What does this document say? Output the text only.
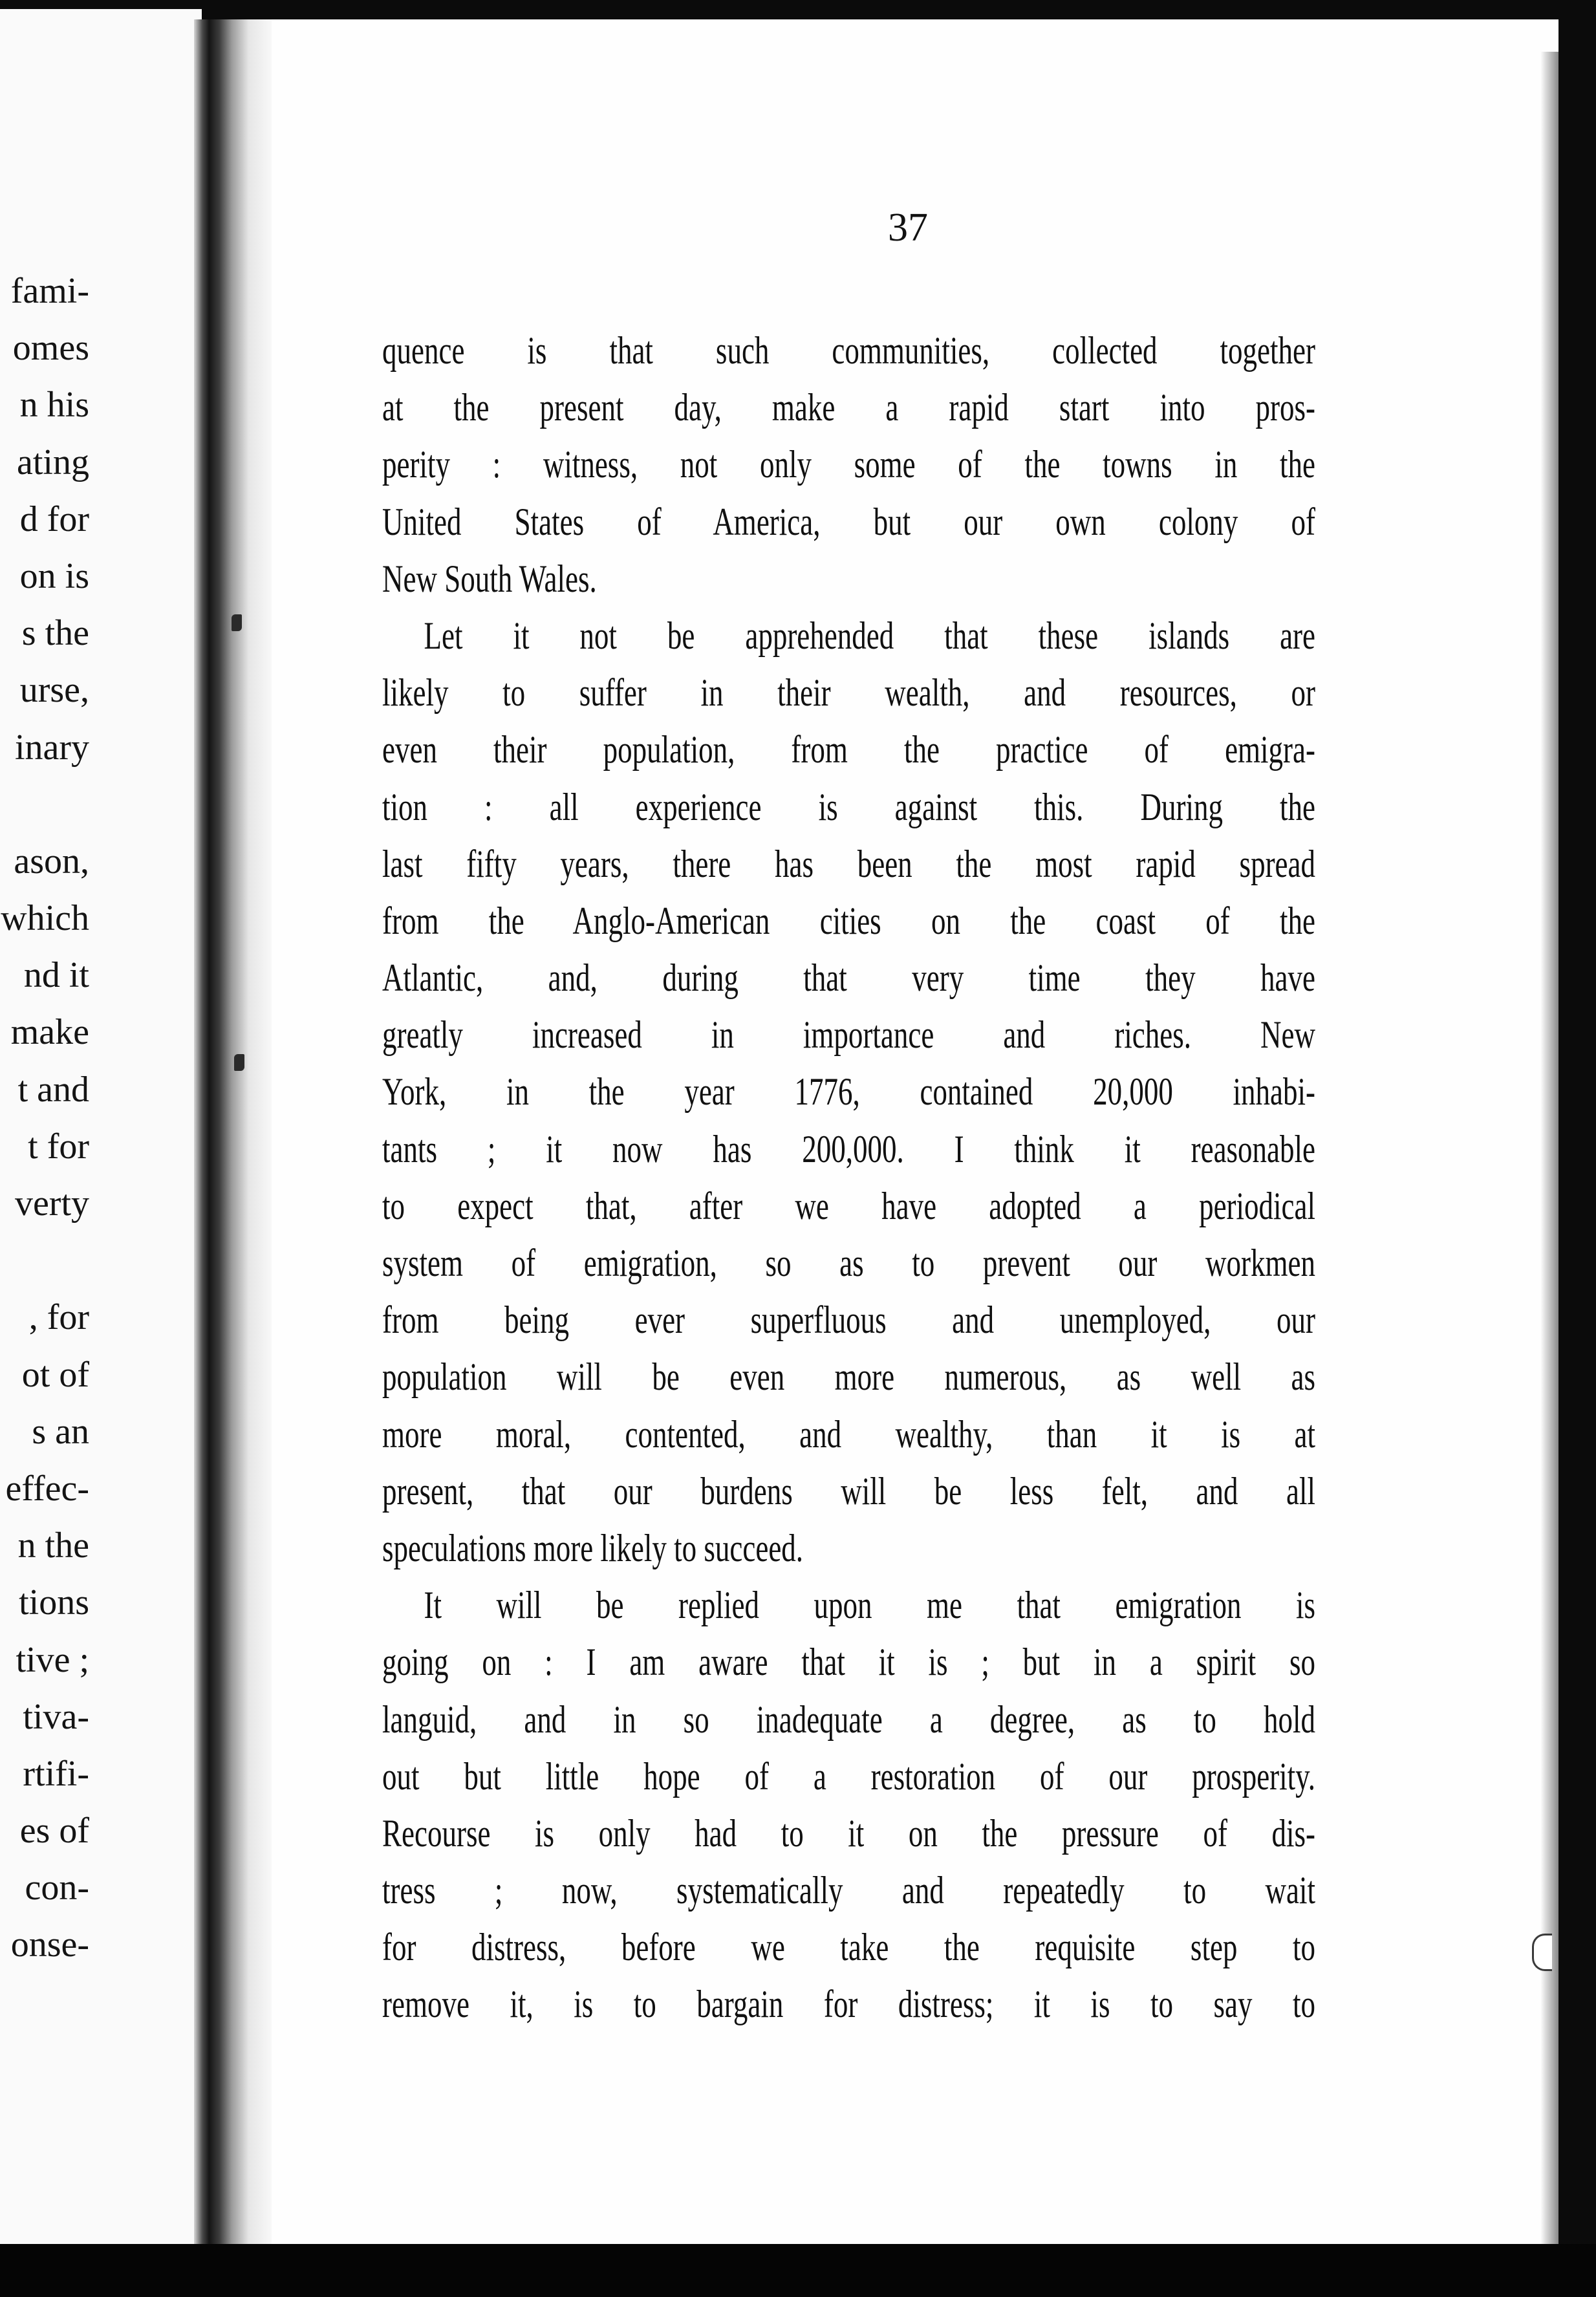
fami-
omes
n his
ating
d for
on is
s the
urse,
inary
ason,
which
nd it
make
t and
t for
verty
, for
ot of
s an
effec-
n the
tions
tive ;
tiva-
rtifi-
es of
con-
onse-
37
quence is that such communities, collected together
at the present day, make a rapid start into pros-
perity : witness, not only some of the towns in the
United States of America, but our own colony of
New South Wales.
Let it not be apprehended that these islands are
likely to suffer in their wealth, and resources, or
even their population, from the practice of emigra-
tion : all experience is against this. During the
last fifty years, there has been the most rapid spread
from the Anglo-American cities on the coast of the
Atlantic, and, during that very time they have
greatly increased in importance and riches. New
York, in the year 1776, contained 20,000 inhabi-
tants ; it now has 200,000. I think it reasonable
to expect that, after we have adopted a periodical
system of emigration, so as to prevent our workmen
from being ever superfluous and unemployed, our
population will be even more numerous, as well as
more moral, contented, and wealthy, than it is at
present, that our burdens will be less felt, and all
speculations more likely to succeed.
It will be replied upon me that emigration is
going on : I am aware that it is ; but in a spirit so
languid, and in so inadequate a degree, as to hold
out but little hope of a restoration of our prosperity.
Recourse is only had to it on the pressure of dis-
tress ; now, systematically and repeatedly to wait
for distress, before we take the requisite step to
remove it, is to bargain for distress; it is to say to
